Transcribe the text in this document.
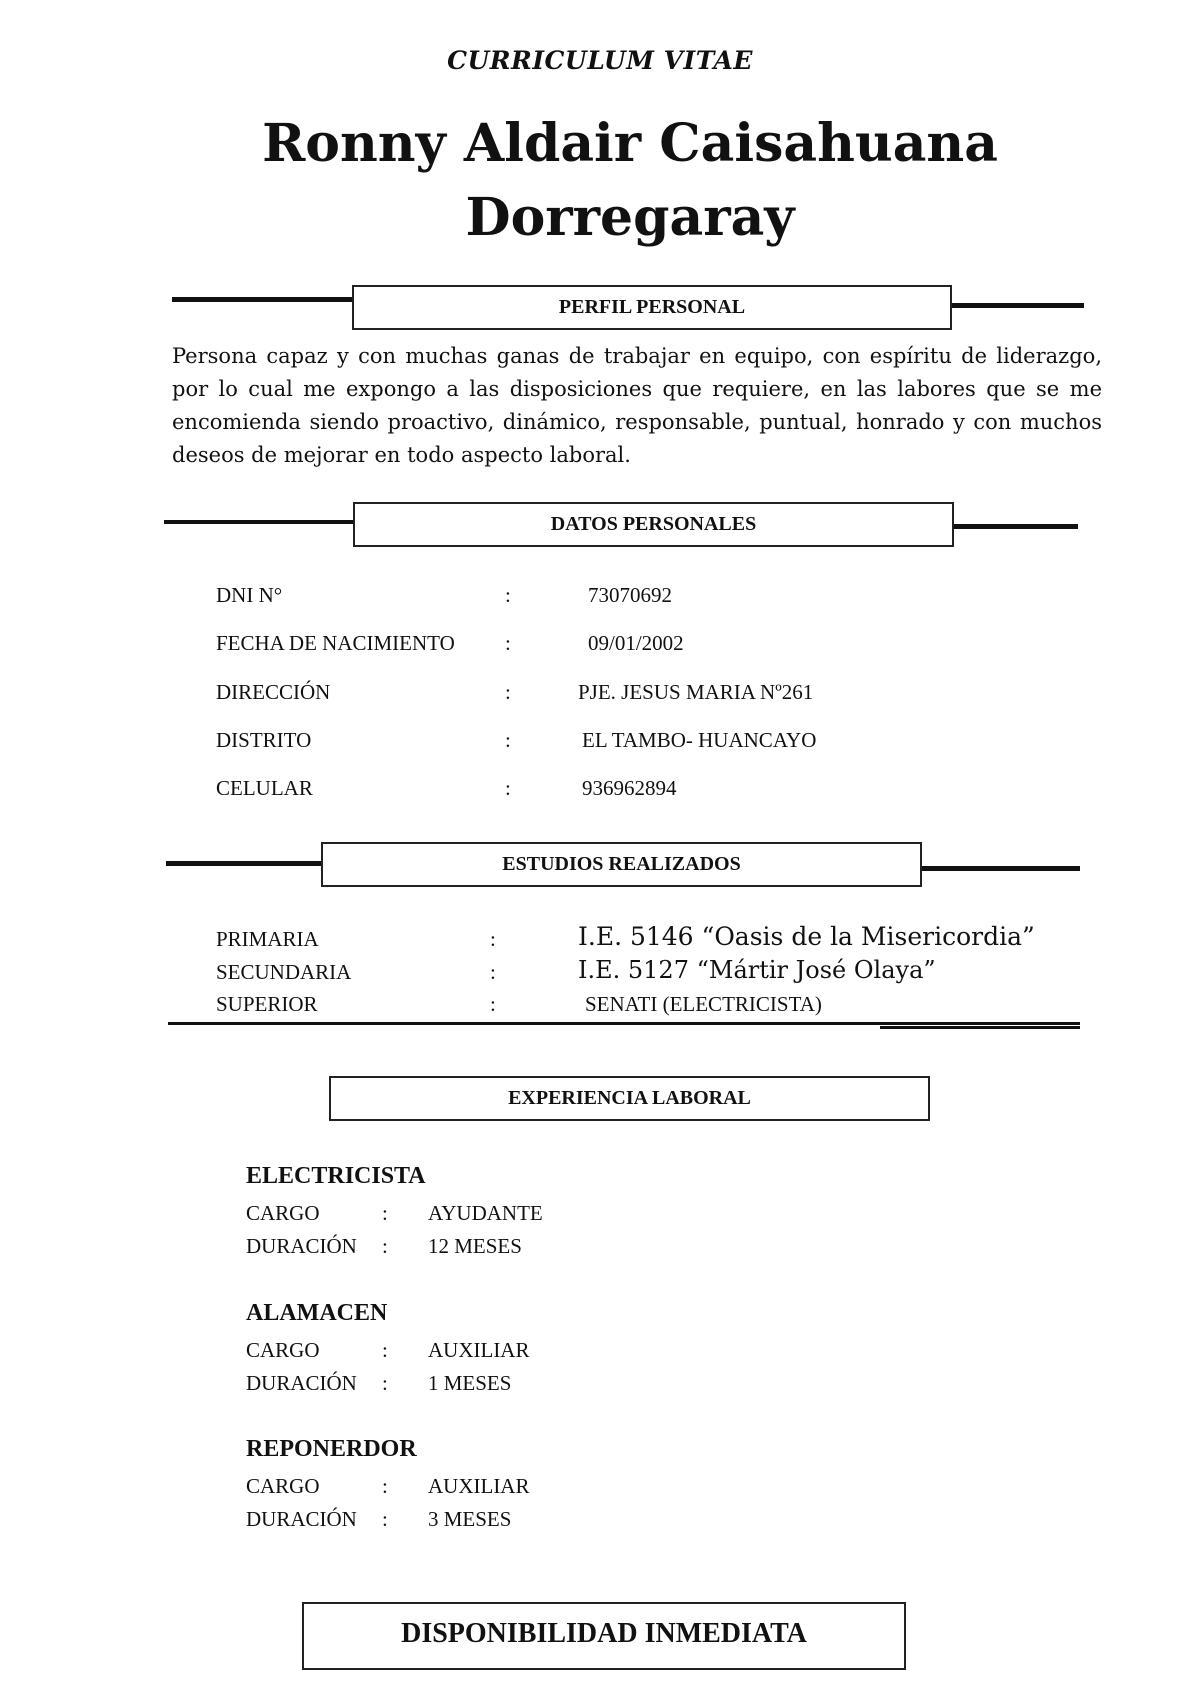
CURRICULUM VITAE
Ronny Aldair Caisahuana
Dorregaray
PERFIL PERSONAL
Persona capaz y con muchas ganas de trabajar en equipo, con espíritu de liderazgo, por lo cual me expongo a las disposiciones que requiere, en las labores que se me encomienda siendo proactivo, dinámico, responsable, puntual, honrado y con muchos deseos de mejorar en todo aspecto laboral.
DATOS PERSONALES
DNI N°	:	73070692
FECHA DE NACIMIENTO :	09/01/2002
DIRECCIÓN	:	PJE. JESUS MARIA Nº261
DISTRITO	:	EL TAMBO- HUANCAYO
CELULAR	:	936962894
ESTUDIOS REALIZADOS
PRIMARIA	:	I.E. 5146 “Oasis de la Misericordia”
SECUNDARIA	:	I.E. 5127 “Mártir José Olaya”
SUPERIOR	:	SENATI (ELECTRICISTA)
EXPERIENCIA LABORAL
ELECTRICISTA
CARGO	: AYUDANTE
DURACIÓN : 12 MESES
ALAMACEN
CARGO	: AUXILIAR
DURACIÓN : 1 MESES
REPONERDOR
CARGO	: AUXILIAR
DURACIÓN : 3 MESES
DISPONIBILIDAD INMEDIATA
